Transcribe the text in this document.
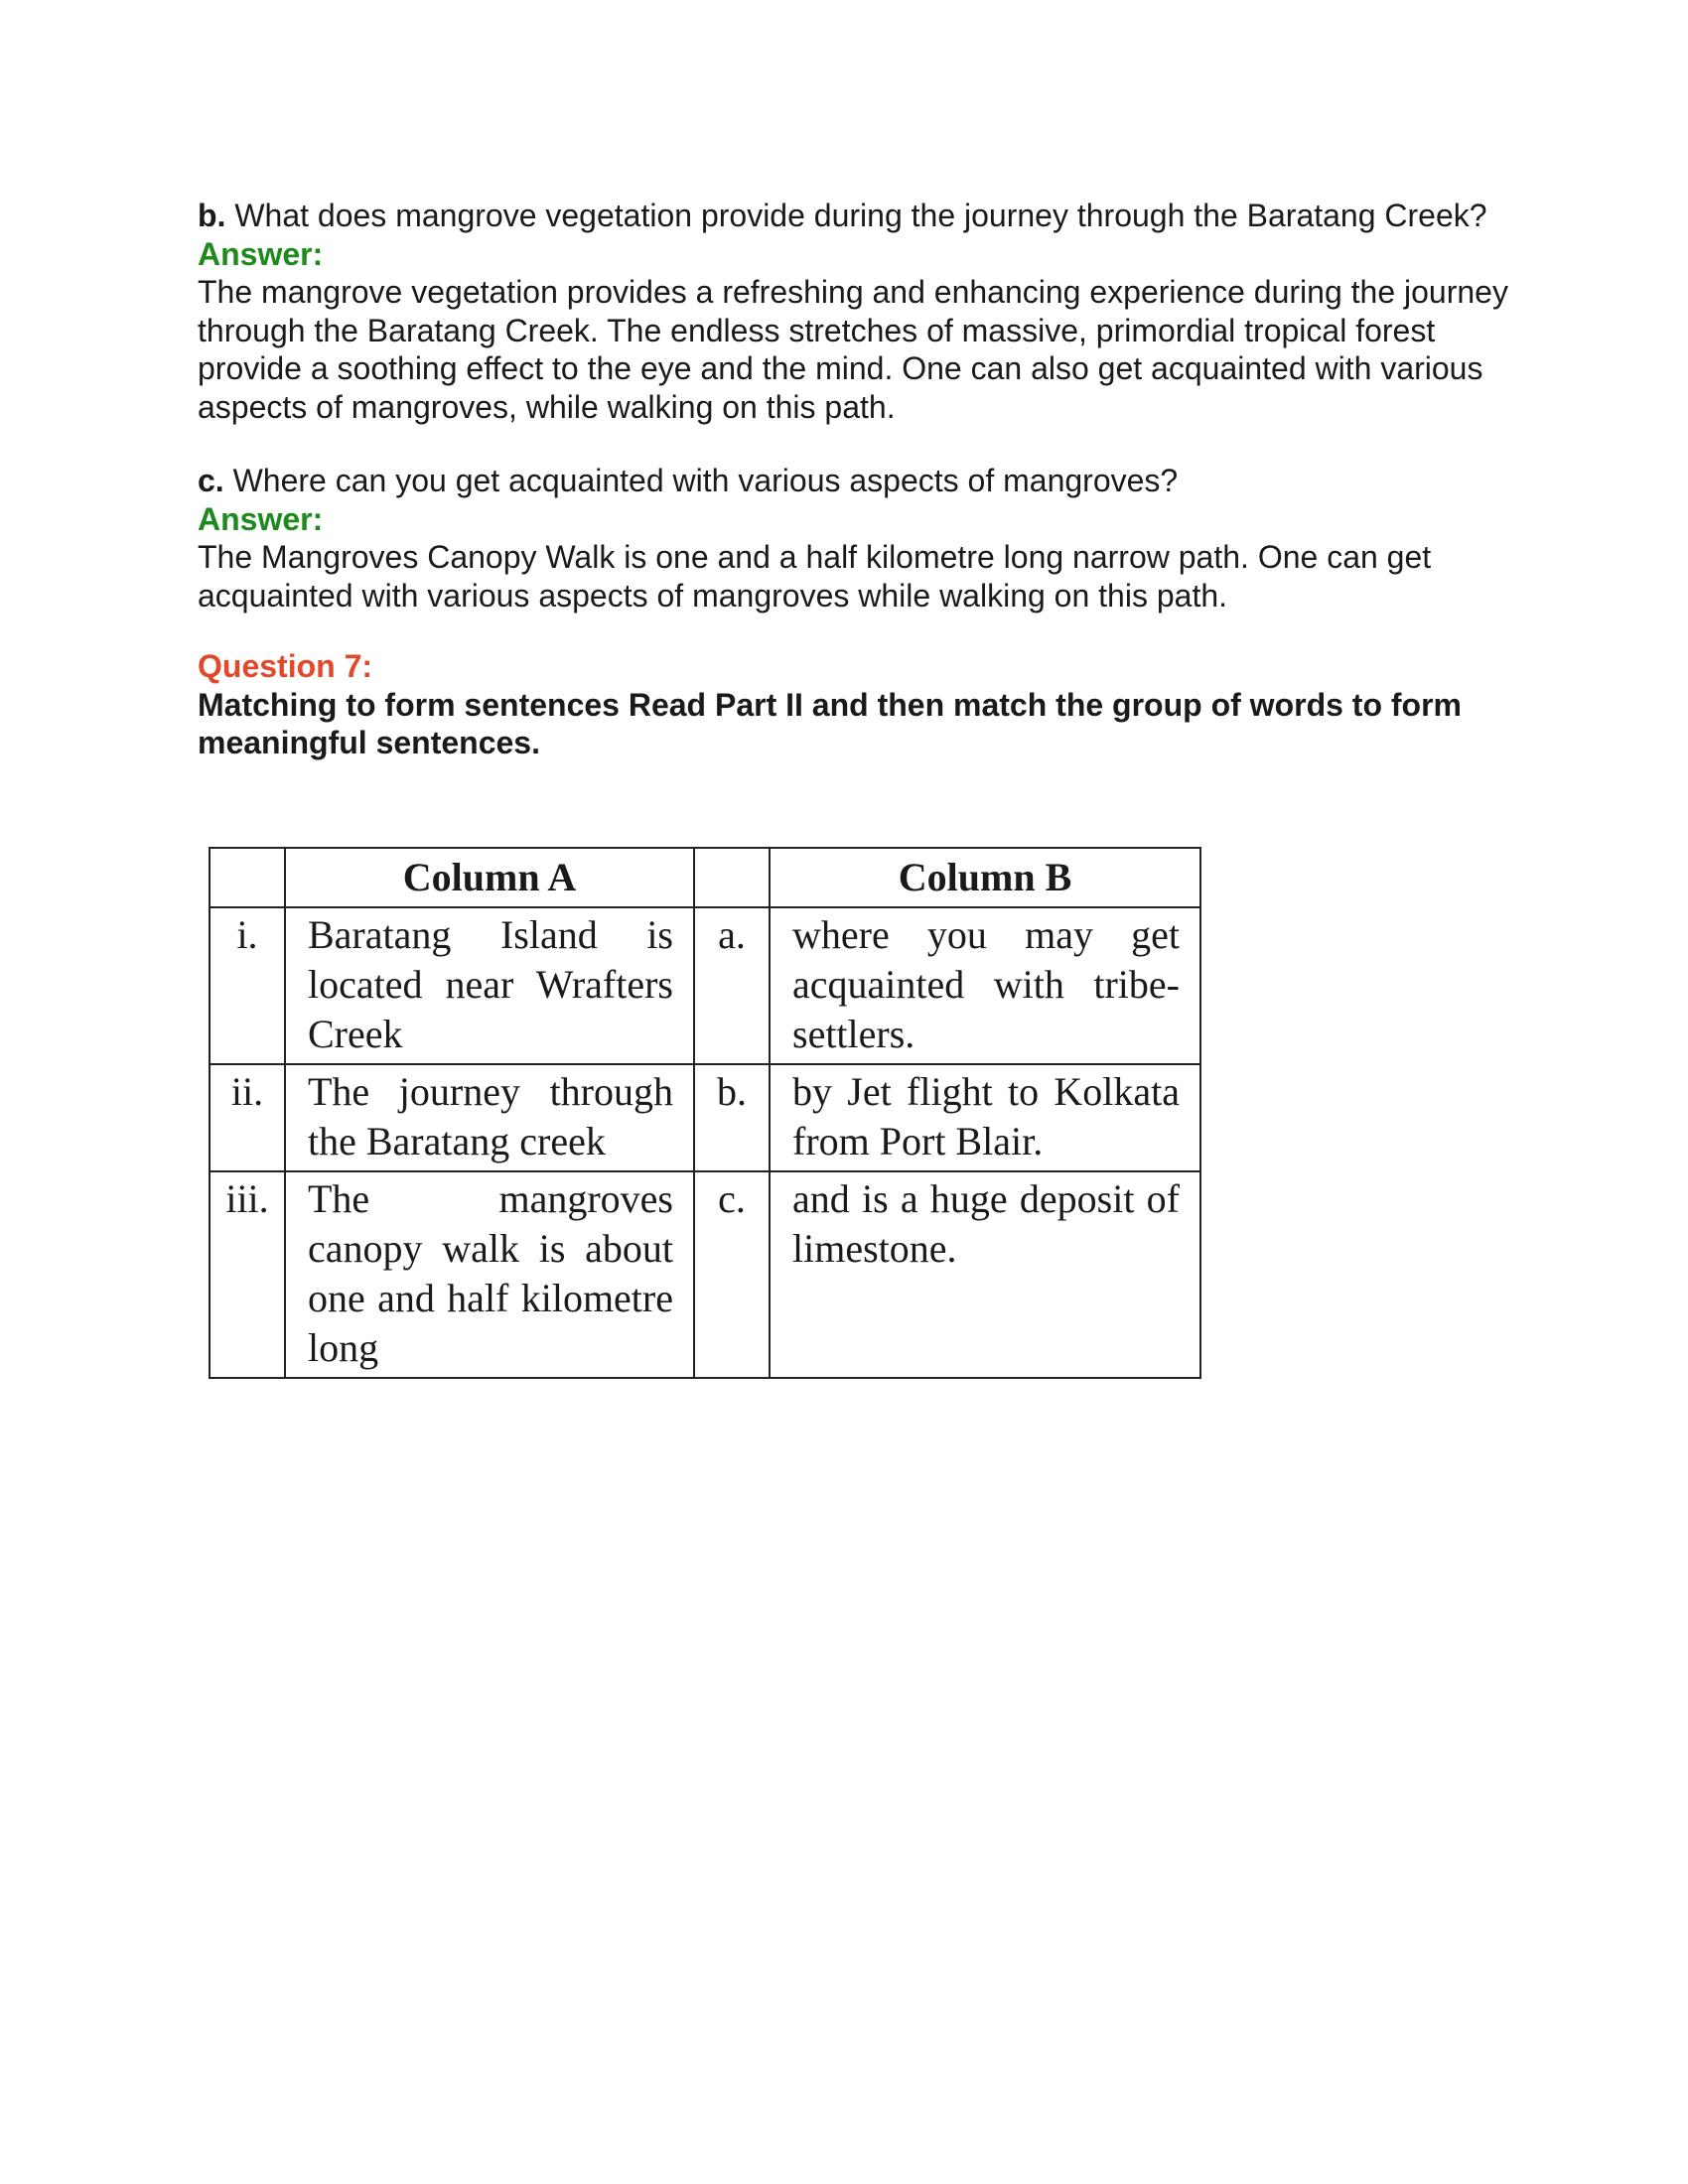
b. What does mangrove vegetation provide during the journey through the Baratang Creek?

Answer:

The mangrove vegetation provides a refreshing and enhancing experience during the journey through the Baratang Creek. The endless stretches of massive, primordial tropical forest provide a soothing effect to the eye and the mind. One can also get acquainted with various aspects of mangroves, while walking on this path.

c. Where can you get acquainted with various aspects of mangroves?

Answer:

The Mangroves Canopy Walk is one and a half kilometre long narrow path. One can get acquainted with various aspects of mangroves while walking on this path.

Question 7:

Matching to form sentences Read Part II and then match the group of words to form meaningful sentences.

	Column A		Column B
i.	Baratang Island is located near Wrafters Creek	a.	where you may get acquainted with tribe-settlers.

ii.	The journey through the Baratang creek	b.	by Jet flight to Kolkata from Port Blair.

iii.	The mangroves canopy walk is about one and half kilometre long	c.	and is a huge deposit of limestone.
